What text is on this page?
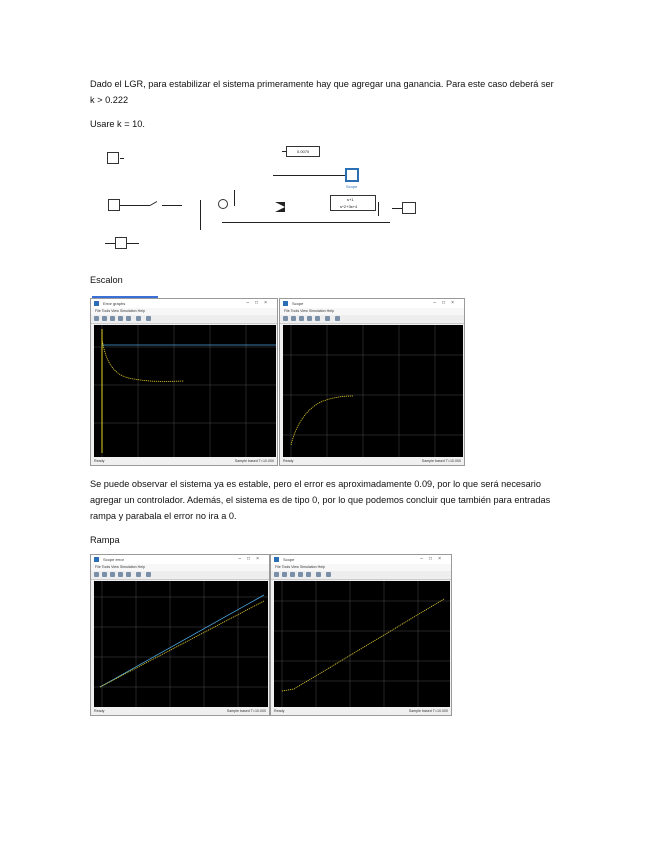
Dado el LGR, para estabilizar el sistema primeramente hay que agregar una ganancia. Para este caso deberá ser k > 0.222
Usare k = 10.
0.0070
Scope
s+1
s^2+3s+4
Escalon
Error graphs	–□×
File Tools View Simulation Help
Ready	Sample based T=10.000
Scope	–□×
File Tools View Simulation Help
Ready	Sample based T=10.000
Se puede observar el sistema ya es estable, pero el error es aproximadamente 0.09, por lo que será necesario agregar un controlador. Además, el sistema es de tipo 0, por lo que podemos concluir que también para entradas rampa y parabala el error no ira a 0.
Rampa
Scope error	–□×
File Tools View Simulation Help
Ready	Sample based T=10.000
Scope	–□×
File Tools View Simulation Help
Ready	Sample based T=10.000
